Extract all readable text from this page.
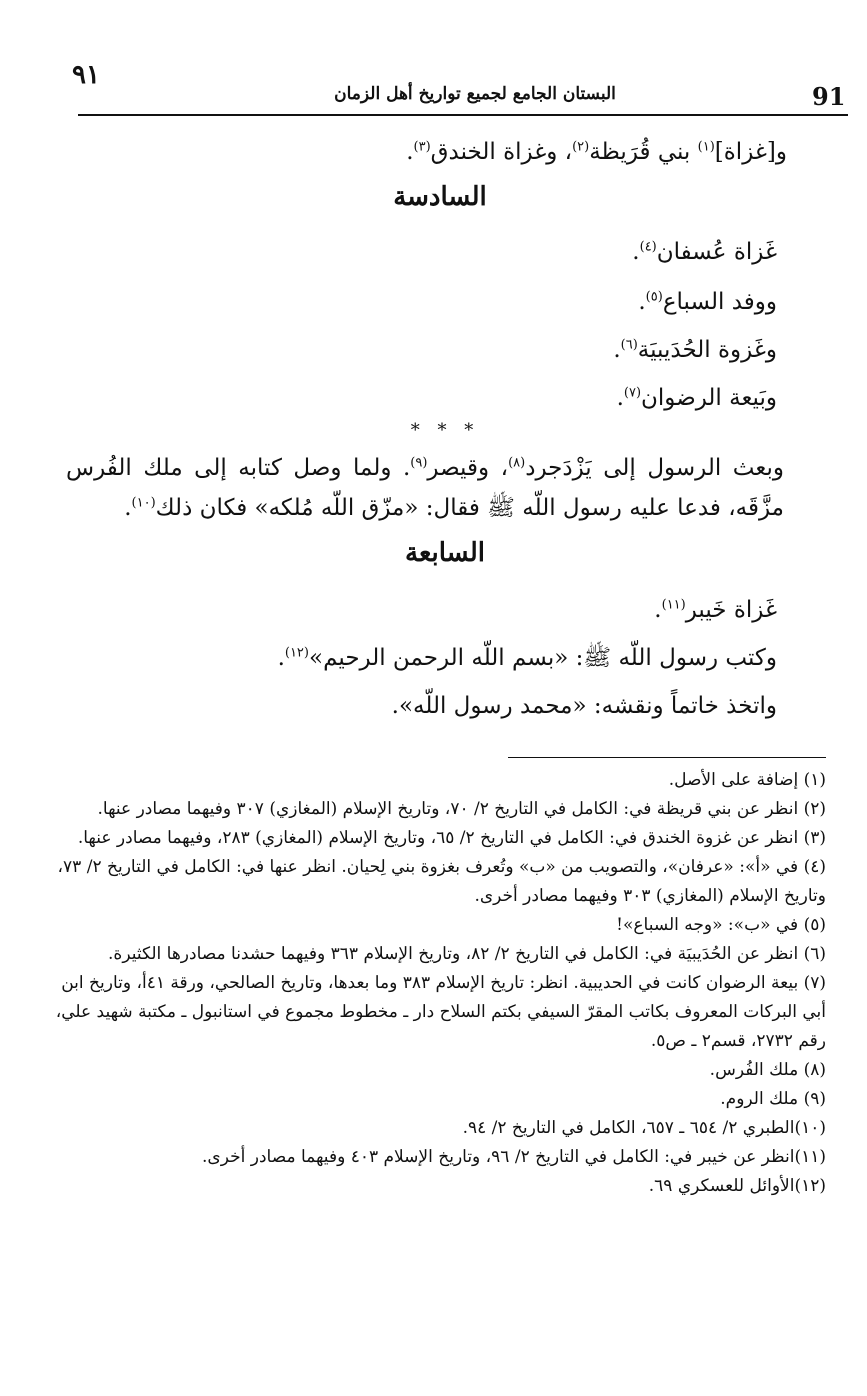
٩١
البستان الجامع لجميع تواريخ أهل الزمان	91
و[غزاة]$^{(١)}$ بني قُرَيظة$^{(٢)}$، وغزاة الخندق$^{(٣)}$.
السادسة
غَزاة عُسفان$^{(٤)}$.
ووفد السباع$^{(٥)}$.
وغَزوة الحُدَيبيَة$^{(٦)}$.
وبَيعة الرضوان$^{(٧)}$.
* * *
وبعث الرسول إلى يَزْدَجرد$^{(٨)}$، وقيصر$^{(٩)}$. ولما وصل كتابه إلى ملك الفُرس مزَّقَه، فدعا عليه رسول اللّه ﷺ فقال: «مزّق اللّه مُلكه» فكان ذلك$^{(١٠)}$.
السابعة
غَزاة خَيبر$^{(١١)}$.
وكتب رسول اللّه ﷺ: «بسم اللّه الرحمن الرحيم»$^{(١٢)}$.
واتخذ خاتماً ونقشه: «محمد رسول اللّه».

(١) إضافة على الأصل.

(٢) انظر عن بني قريظة في: الكامل في التاريخ ٢/ ٧٠، وتاريخ الإسلام (المغازي) ٣٠٧ وفيهما مصادر عنها.

(٣) انظر عن غزوة الخندق في: الكامل في التاريخ ٢/ ٦٥، وتاريخ الإسلام (المغازي) ٢٨٣، وفيهما مصادر عنها.

(٤) في «أ»: «عرفان»، والتصويب من «ب» وتُعرف بغزوة بني لِحيان. انظر عنها في: الكامل في التاريخ ٢/ ٧٣، وتاريخ الإسلام (المغازي) ٣٠٣ وفيهما مصادر أخرى.

(٥) في «ب»: «وجه السباع»!

(٦) انظر عن الحُدَيبيَة في: الكامل في التاريخ ٢/ ٨٢، وتاريخ الإسلام ٣٦٣ وفيهما حشدنا مصادرها الكثيرة.

(٧) بيعة الرضوان كانت في الحديبية. انظر: تاريخ الإسلام ٣٨٣ وما بعدها، وتاريخ الصالحي، ورقة ٤١أ، وتاريخ ابن أبي البركات المعروف بكاتب المقرّ السيفي بكتم السلاح دار ـ مخطوط مجموع في استانبول ـ مكتبة شهيد علي، رقم ٢٧٣٢، قسم٢ ـ ص٥.

(٨) ملك الفُرس.

(٩) ملك الروم.

(١٠)الطبري ٢/ ٦٥٤ ـ ٦٥٧، الكامل في التاريخ ٢/ ٩٤.

(١١)انظر عن خيبر في: الكامل في التاريخ ٢/ ٩٦، وتاريخ الإسلام ٤٠٣ وفيهما مصادر أخرى.

(١٢)الأوائل للعسكري ٦٩.
